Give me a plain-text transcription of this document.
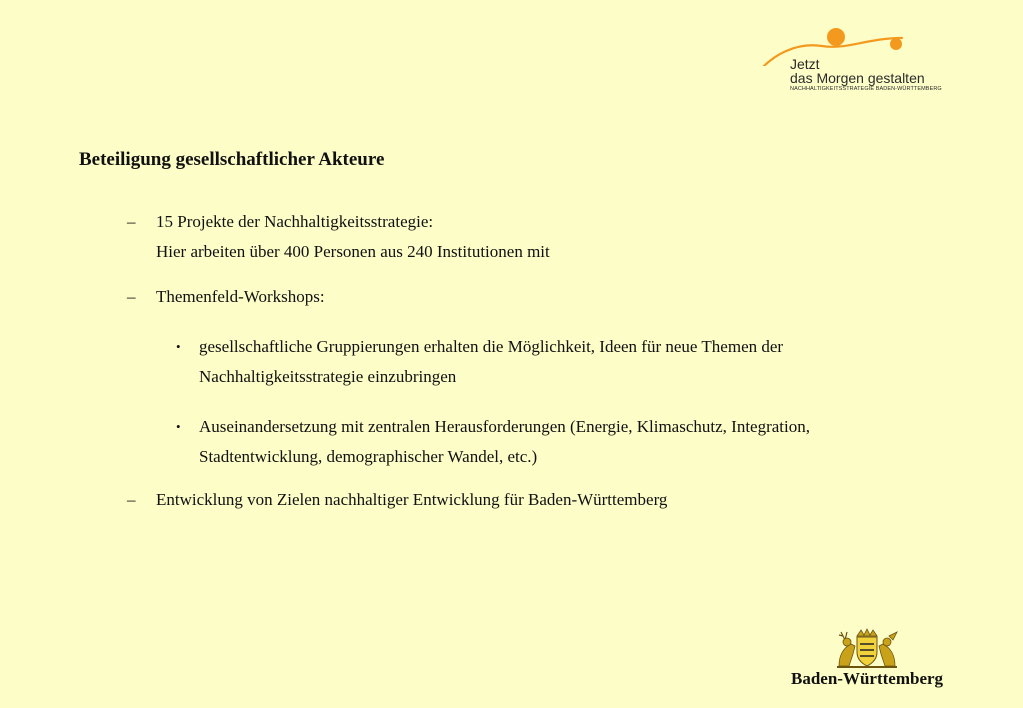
Jetzt
das Morgen gestalten
NACHHALTIGKEITSSTRATEGIE BADEN-WÜRTTEMBERG
Beteiligung gesellschaftlicher Akteure
– 15 Projekte der Nachhaltigkeitsstrategie:
Hier arbeiten über 400 Personen aus 240 Institutionen mit
– Themenfeld-Workshops:
• gesellschaftliche Gruppierungen erhalten die Möglichkeit, Ideen für neue Themen der
Nachhaltigkeitsstrategie einzubringen
• Auseinandersetzung mit zentralen Herausforderungen (Energie, Klimaschutz, Integration,
Stadtentwicklung, demographischer Wandel, etc.)
– Entwicklung von Zielen nachhaltiger Entwicklung für Baden-Württemberg
Baden-Württemberg
